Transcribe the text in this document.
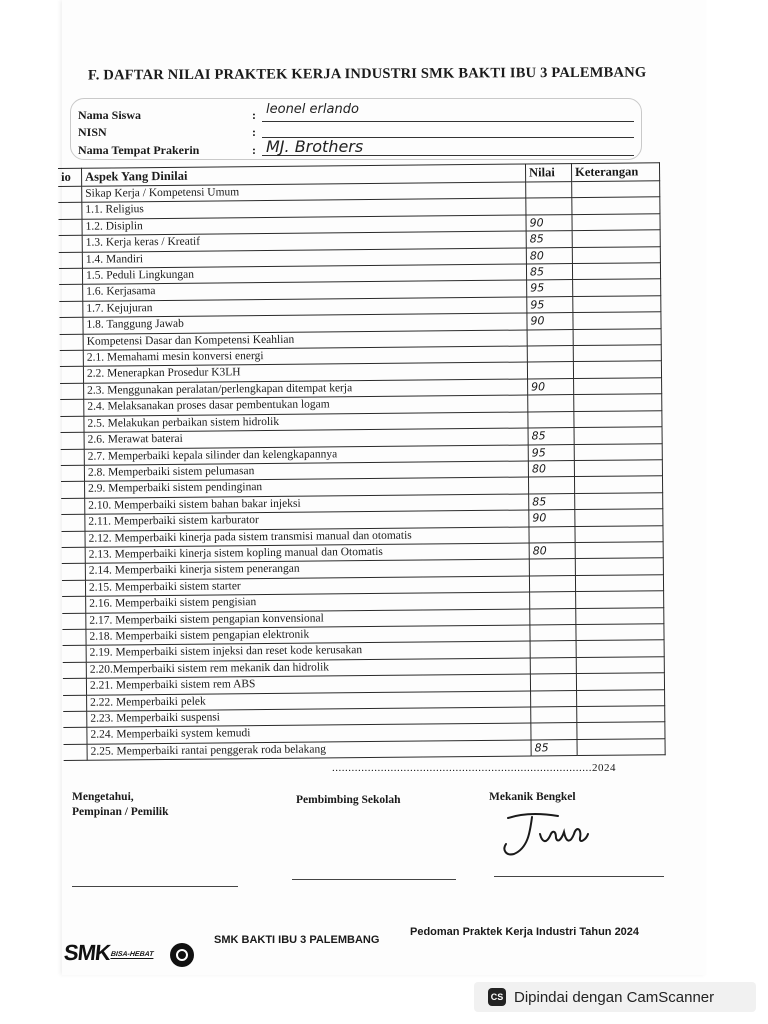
F. DAFTAR NILAI PRAKTEK KERJA INDUSTRI SMK BAKTI IBU 3 PALEMBANG
Nama Siswa	: leonel erlando
NISN	:
Nama Tempat Prakerin	: MJ. Brothers
io	Aspek Yang Dinilai	Nilai	Keterangan
	Sikap Kerja / Kompetensi Umum		
	1.1. Religius		
	1.2. Disiplin	90	
	1.3. Kerja keras / Kreatif	85	
	1.4. Mandiri	80	
	1.5. Peduli Lingkungan	85	
	1.6. Kerjasama	95	
	1.7. Kejujuran	95	
	1.8. Tanggung Jawab	90	
	Kompetensi Dasar dan Kompetensi Keahlian		
	2.1. Memahami mesin konversi energi		
	2.2. Menerapkan Prosedur K3LH		
	2.3. Menggunakan peralatan/perlengkapan ditempat kerja	90	
	2.4. Melaksanakan proses dasar pembentukan logam		
	2.5. Melakukan perbaikan sistem hidrolik		
	2.6. Merawat baterai	85	
	2.7. Memperbaiki kepala silinder dan kelengkapannya	95	
	2.8. Memperbaiki sistem pelumasan	80	
	2.9. Memperbaiki sistem pendinginan		
	2.10. Memperbaiki sistem bahan bakar injeksi	85	
	2.11. Memperbaiki sistem karburator	90	
	2.12. Memperbaiki kinerja pada sistem transmisi manual dan otomatis		
	2.13. Memperbaiki kinerja sistem kopling manual dan Otomatis	80	
	2.14. Memperbaiki kinerja sistem penerangan		
	2.15. Memperbaiki sistem starter		
	2.16. Memperbaiki sistem pengisian		
	2.17. Memperbaiki sistem pengapian konvensional		
	2.18. Memperbaiki sistem pengapian elektronik		
	2.19. Memperbaiki sistem injeksi dan reset kode kerusakan		
	2.20.Memperbaiki sistem rem mekanik dan hidrolik		
	2.21. Memperbaiki sistem rem ABS		
	2.22. Memperbaiki pelek		
	2.23. Memperbaiki suspensi		
	2.24. Memperbaiki system kemudi		
	2.25. Memperbaiki rantai penggerak roda belakang	85	
................................................................................2024
Mengetahui,
Pempinan / Pemilik
Pembimbing Sekolah	Mekanik Bengkel
SMKBISA-HEBAT
SMK BAKTI IBU 3 PALEMBANG
Pedoman Praktek Kerja Industri Tahun 2024
CS Dipindai dengan CamScanner
